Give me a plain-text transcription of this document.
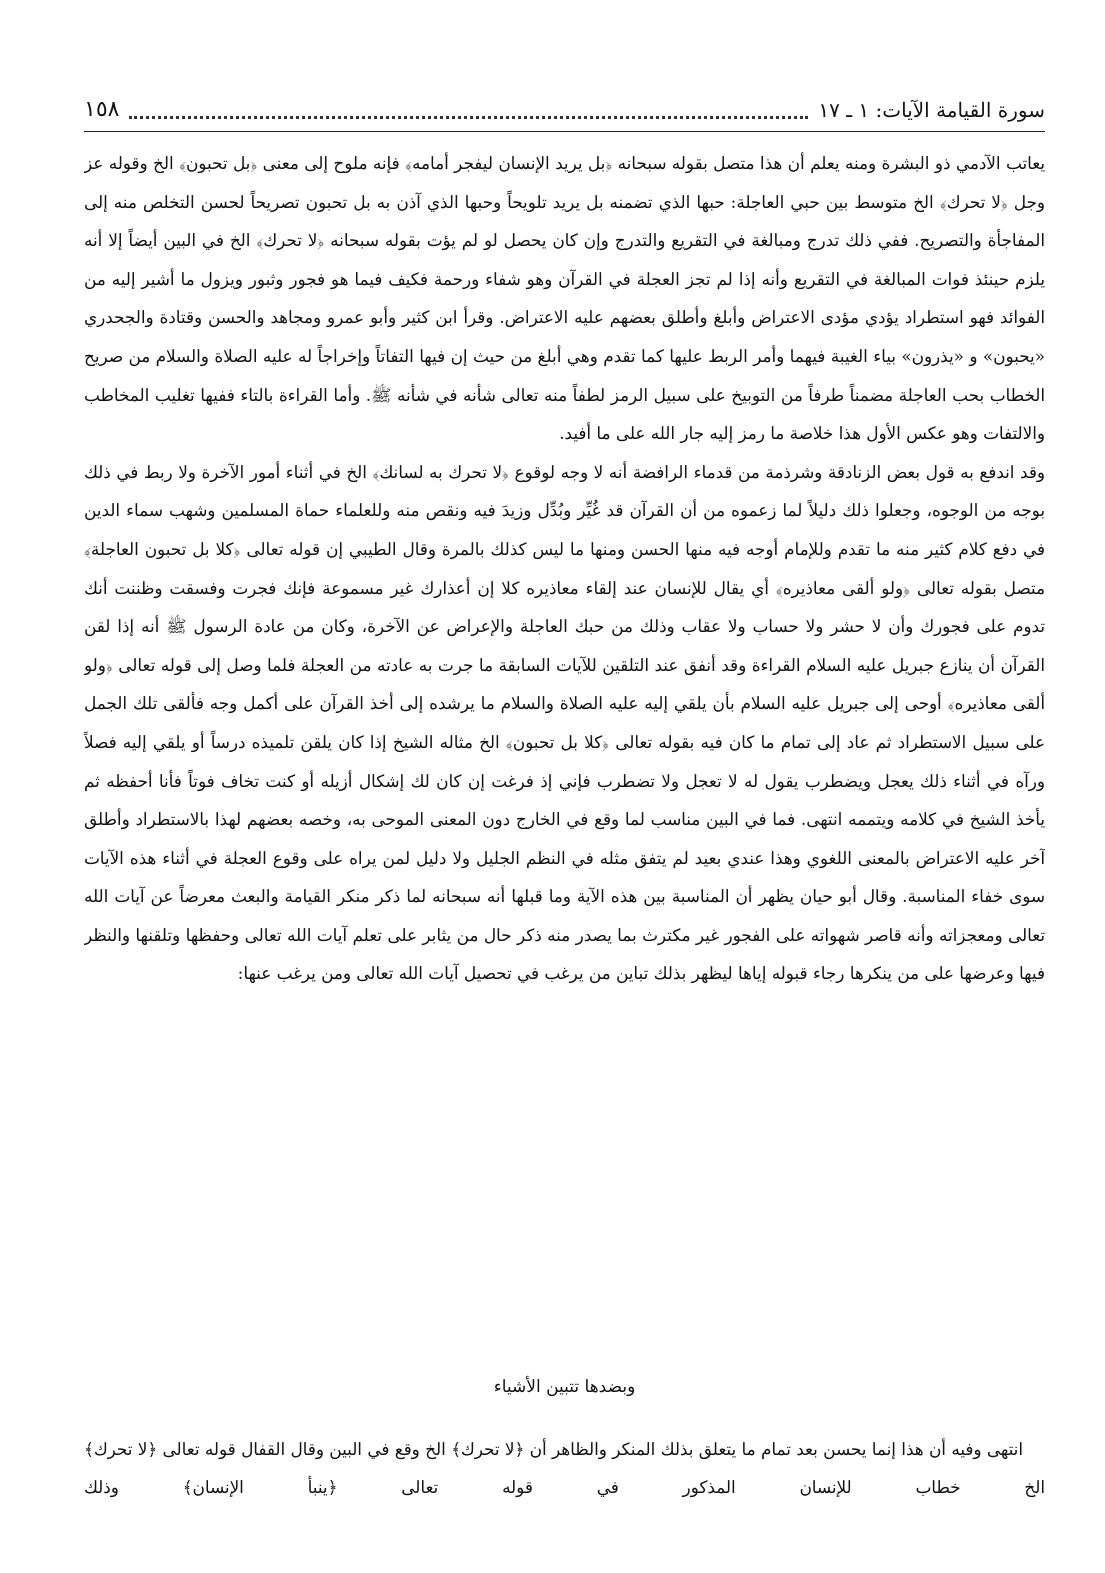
سورة القيامة الآيات: ١ ـ ١٧
١٥٨

يعاتب الآدمي ذو البشرة ومنه يعلم أن هذا متصل بقوله سبحانه ﴿بل يريد الإنسان ليفجر أمامه﴾ فإنه ملوح إلى معنى ﴿بل تحبون﴾ الخ وقوله عز وجل ﴿لا تحرك﴾ الخ متوسط بين حبي العاجلة: حبها الذي تضمنه بل يريد تلويحاً وحبها الذي آذن به بل تحبون تصريحاً لحسن التخلص منه إلى المفاجأة والتصريح. ففي ذلك تدرج ومبالغة في التقريع والتدرج وإن كان يحصل لو لم يؤت بقوله سبحانه ﴿لا تحرك﴾ الخ في البين أيضاً إلا أنه يلزم حينئذ فوات المبالغة في التقريع وأنه إذا لم تجز العجلة في القرآن وهو شفاء ورحمة فكيف فيما هو فجور وثبور ويزول ما أشير إليه من الفوائد فهو استطراد يؤدي مؤدى الاعتراض وأبلغ وأطلق بعضهم عليه الاعتراض. وقرأ ابن كثير وأبو عمرو ومجاهد والحسن وقتادة والجحدري «يحبون» و «يذرون» بياء الغيبة فيهما وأمر الربط عليها كما تقدم وهي أبلغ من حيث إن فيها التفاتاً وإخراجاً له عليه الصلاة والسلام من صريح الخطاب بحب العاجلة مضمناً طرفاً من التوبيخ على سبيل الرمز لطفاً منه تعالى شأنه في شأنه ﷺ. وأما القراءة بالتاء ففيها تغليب المخاطب والالتفات وهو عكس الأول هذا خلاصة ما رمز إليه جار الله على ما أفيد.

وقد اندفع به قول بعض الزنادقة وشرذمة من قدماء الرافضة أنه لا وجه لوقوع ﴿لا تحرك به لسانك﴾ الخ في أثناء أمور الآخرة ولا ربط في ذلك بوجه من الوجوه، وجعلوا ذلك دليلاً لما زعموه من أن القرآن قد غُيِّر وبُدِّل وزيدَ فيه ونقص منه وللعلماء حماة المسلمين وشهب سماء الدين في دفع كلام كثير منه ما تقدم وللإمام أوجه فيه منها الحسن ومنها ما ليس كذلك بالمرة وقال الطيبي إن قوله تعالى ﴿كلا بل تحبون العاجلة﴾ متصل بقوله تعالى ﴿ولو ألقى معاذيره﴾ أي يقال للإنسان عند إلقاء معاذيره كلا إن أعذارك غير مسموعة فإنك فجرت وفسقت وظننت أنك تدوم على فجورك وأن لا حشر ولا حساب ولا عقاب وذلك من حبك العاجلة والإعراض عن الآخرة، وكان من عادة الرسول ﷺ أنه إذا لقن القرآن أن ينازع جبريل عليه السلام القراءة وقد أنفق عند التلقين للآيات السابقة ما جرت به عادته من العجلة فلما وصل إلى قوله تعالى ﴿ولو ألقى معاذيره﴾ أوحى إلى جبريل عليه السلام بأن يلقي إليه عليه الصلاة والسلام ما يرشده إلى أخذ القرآن على أكمل وجه فألقى تلك الجمل على سبيل الاستطراد ثم عاد إلى تمام ما كان فيه بقوله تعالى ﴿كلا بل تحبون﴾ الخ مثاله الشيخ إذا كان يلقن تلميذه درساً أو يلقي إليه فصلاً ورآه في أثناء ذلك يعجل ويضطرب يقول له لا تعجل ولا تضطرب فإني إذ فرغت إن كان لك إشكال أزيله أو كنت تخاف فوتاً فأنا أحفظه ثم يأخذ الشيخ في كلامه ويتممه انتهى. فما في البين مناسب لما وقع في الخارج دون المعنى الموحى به، وخصه بعضهم لهذا بالاستطراد وأطلق آخر عليه الاعتراض بالمعنى اللغوي وهذا عندي بعيد لم يتفق مثله في النظم الجليل ولا دليل لمن يراه على وقوع العجلة في أثناء هذه الآيات سوى خفاء المناسبة. وقال أبو حيان يظهر أن المناسبة بين هذه الآية وما قبلها أنه سبحانه لما ذكر منكر القيامة والبعث معرضاً عن آيات الله تعالى ومعجزاته وأنه قاصر شهواته على الفجور غير مكترث بما يصدر منه ذكر حال من يثابر على تعلم آيات الله تعالى وحفظها وتلقنها والنظر فيها وعرضها على من ينكرها رجاء قبوله إياها ليظهر بذلك تباين من يرغب في تحصيل آيات الله تعالى ومن يرغب عنها:

وبضدها تتبين الأشياء

انتهى وفيه أن هذا إنما يحسن بعد تمام ما يتعلق بذلك المنكر والظاهر أن ﴿لا تحرك﴾ الخ وقع في البين وقال القفال قوله تعالى ﴿لا تحرك﴾ الخ خطاب للإنسان المذكور في قوله تعالى ﴿ينبأ الإنسان﴾ وذلك
